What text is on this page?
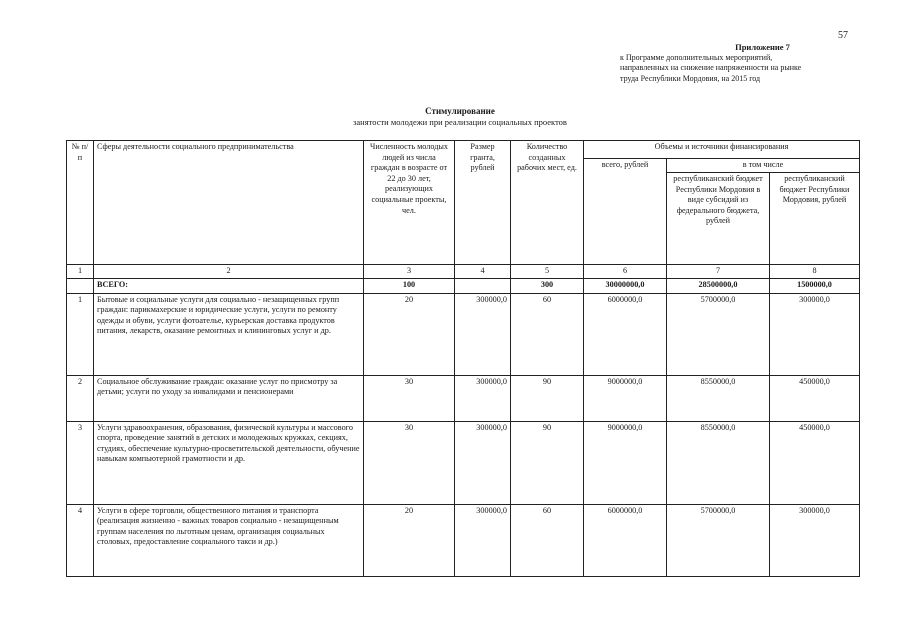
57
Приложение 7
к Программе дополнительных мероприятий,
направленных на снижение напряженности на рынке
труда Республики Мордовия, на 2015 год
Стимулирование
занятости молодежи при реализации социальных проектов
№ п/п	Сферы деятельности социального предпринимательства	Численность молодых людей из числа граждан в возрасте от 22 до 30 лет, реализующих социальные проекты, чел.	Размер гранта, рублей	Количество созданных рабочих мест, ед.	Объемы и источники финансирования		
					всего, рублей	в том числе	
						республиканский бюджет Республики Мордовия в виде субсидий из федерального бюджета, рублей	республиканский бюджет Республики Мордовия, рублей
1	2	3	4	5	6	7	8
	ВСЕГО:	100		300	30000000,0	28500000,0	1500000,0
1	Бытовые и социальные услуги для социально - незащищенных групп граждан: парикмахерские и юридические услуги, услуги по ремонту одежды и обуви, услуги фотоателье, курьерская доставка продуктов питания, лекарств, оказание ремонтных и клининговых услуг и др.	20	300000,0	60	6000000,0	5700000,0	300000,0
2	Социальное обслуживание граждан: оказание услуг по присмотру за детьми; услуги по уходу за инвалидами и пенсионерами	30	300000,0	90	9000000,0	8550000,0	450000,0
3	Услуги здравоохранения, образования, физической культуры и массового спорта, проведение занятий в детских и молодежных кружках, секциях, студиях, обеспечение культурно-просветительской деятельности, обучение навыкам компьютерной грамотности и др.	30	300000,0	90	9000000,0	8550000,0	450000,0
4	Услуги в сфере торговли, общественного питания и транспорта (реализация жизненно - важных товаров социально - незащищенным группам населения по льготным ценам, организация социальных столовых, предоставление социального такси и др.)	20	300000,0	60	6000000,0	5700000,0	300000,0
